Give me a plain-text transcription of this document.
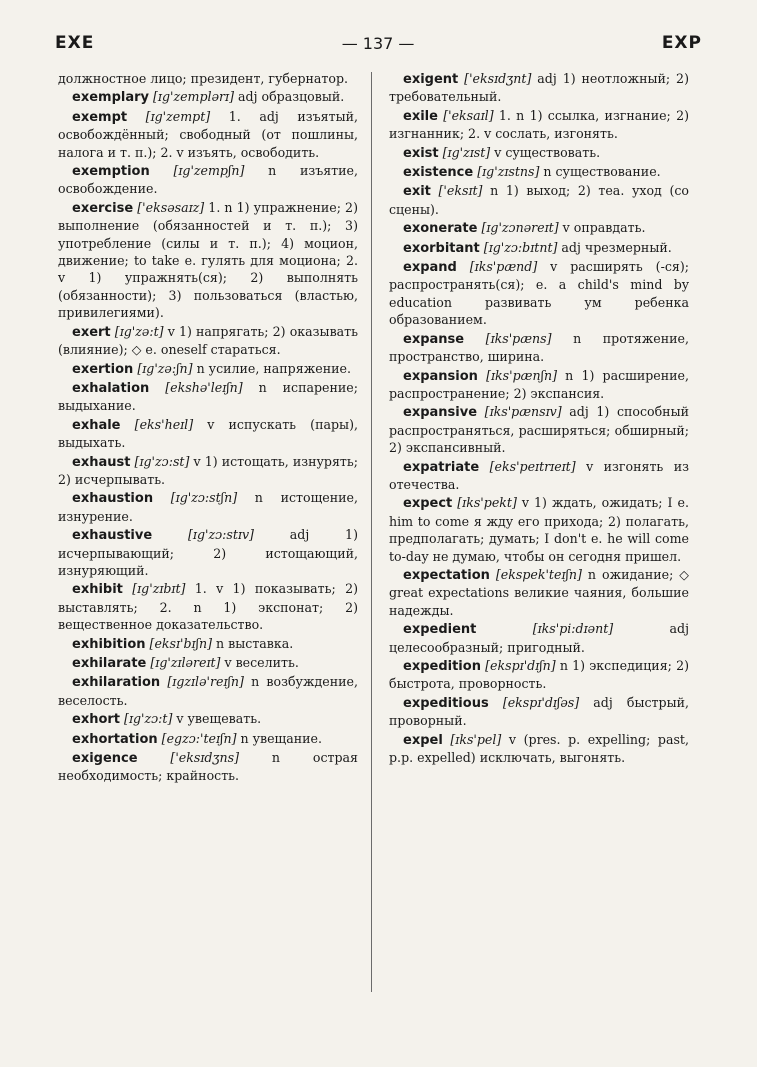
EXE	— 137 —	EXP

должностное лицо; президент, губернатор.

exemplary [ɪg'zemplərɪ] adj образцовый.

exempt [ɪg'zempt] 1. adj изъятый, освобождённый; свободный (от пошлины, налога и т. п.); 2. v изъять, освободить.

exemption [ɪg'zempʃn] n изъятие, освобождение.

exercise ['eksəsaɪz] 1. n 1) упражнение; 2) выполнение (обязанностей и т. п.); 3) употребление (силы и т. п.); 4) моцион, движение; to take e. гулять для моциона; 2. v 1) упражнять(ся); 2) выполнять (обязанности); 3) пользоваться (властью, привилегиями).

exert [ɪg'zə:t] v 1) напрягать; 2) оказывать (влияние); ◇ e. oneself стараться.

exertion [ɪg'zə:ʃn] n усилие, напряжение.

exhalation [ekshə'leɪʃn] n испарение; выдыхание.

exhale [eks'heɪl] v испускать (пары), выдыхать.

exhaust [ɪg'zɔ:st] v 1) истощать, изнурять; 2) исчерпывать.

exhaustion [ɪg'zɔ:stʃn] n истощение, изнурение.

exhaustive	[ɪg'zɔ:stɪv] adj 1) исчерпывающий; 2) истощающий, изнуряющий.

exhibit [ɪg'zɪbɪt] 1. v 1) показывать; 2) выставлять; 2. n 1) экспонат; 2) вещественное доказательство.

exhibition [eksɪ'bɪʃn] n выставка.

exhilarate [ɪg'zɪləreɪt] v веселить.

exhilaration [ɪgzɪlə'reɪʃn] n возбуждение, веселость.

exhort [ɪg'zɔ:t] v увещевать.

exhortation [egzɔ:'teɪʃn] n увещание.

exigence	['eksɪdʒns] n острая необходимость; крайность.

exigent ['eksɪdʒnt] adj 1) неотложный; 2) требовательный.

exile ['eksaɪl] 1. n 1) ссылка, изгнание; 2) изгнанник; 2. v сослать, изгонять.

exist [ɪg'zɪst] v существовать.

existence [ɪg'zɪstns] n существование.

exit ['eksɪt] n 1) выход; 2) теа. уход (со сцены).

exonerate [ɪg'zɔnəreɪt] v оправдать.

exorbitant [ɪg'zɔ:bɪtnt] adj чрезмерный.

expand [ɪks'pænd] v расширять (-ся); распространять(ся); e. a child's mind by education развивать ум ребенка образованием.

expanse [ɪks'pæns] n протяжение, пространство, ширина.

expansion [ɪks'pænʃn] n 1) расширение, распространение; 2) экспансия.

expansive [ɪks'pænsɪv] adj 1) способный распространяться, расширяться; обширный; 2) экспансивный.

expatriate [eks'peɪtrɪeɪt] v изгонять из отечества.

expect [ɪks'pekt] v 1) ждать, ожидать; I e. him to come я жду его прихода; 2) полагать, предполагать; думать; I don't e. he will come to-day не думаю, чтобы он сегодня пришел.

expectation [ekspek'teɪʃn] n ожидание; ◇ great expectations великие чаяния, большие надежды.

expedient	[ɪks'pi:dɪənt] adj целесообразный; пригодный.

expedition [ekspɪ'dɪʃn] n 1) экспедиция; 2) быстрота, проворность.

expeditious [ekspɪ'dɪʃəs] adj быстрый, проворный.

expel [ɪks'pel] v (pres. p. expelling; past, p.p. expelled) исключать, выгонять.
